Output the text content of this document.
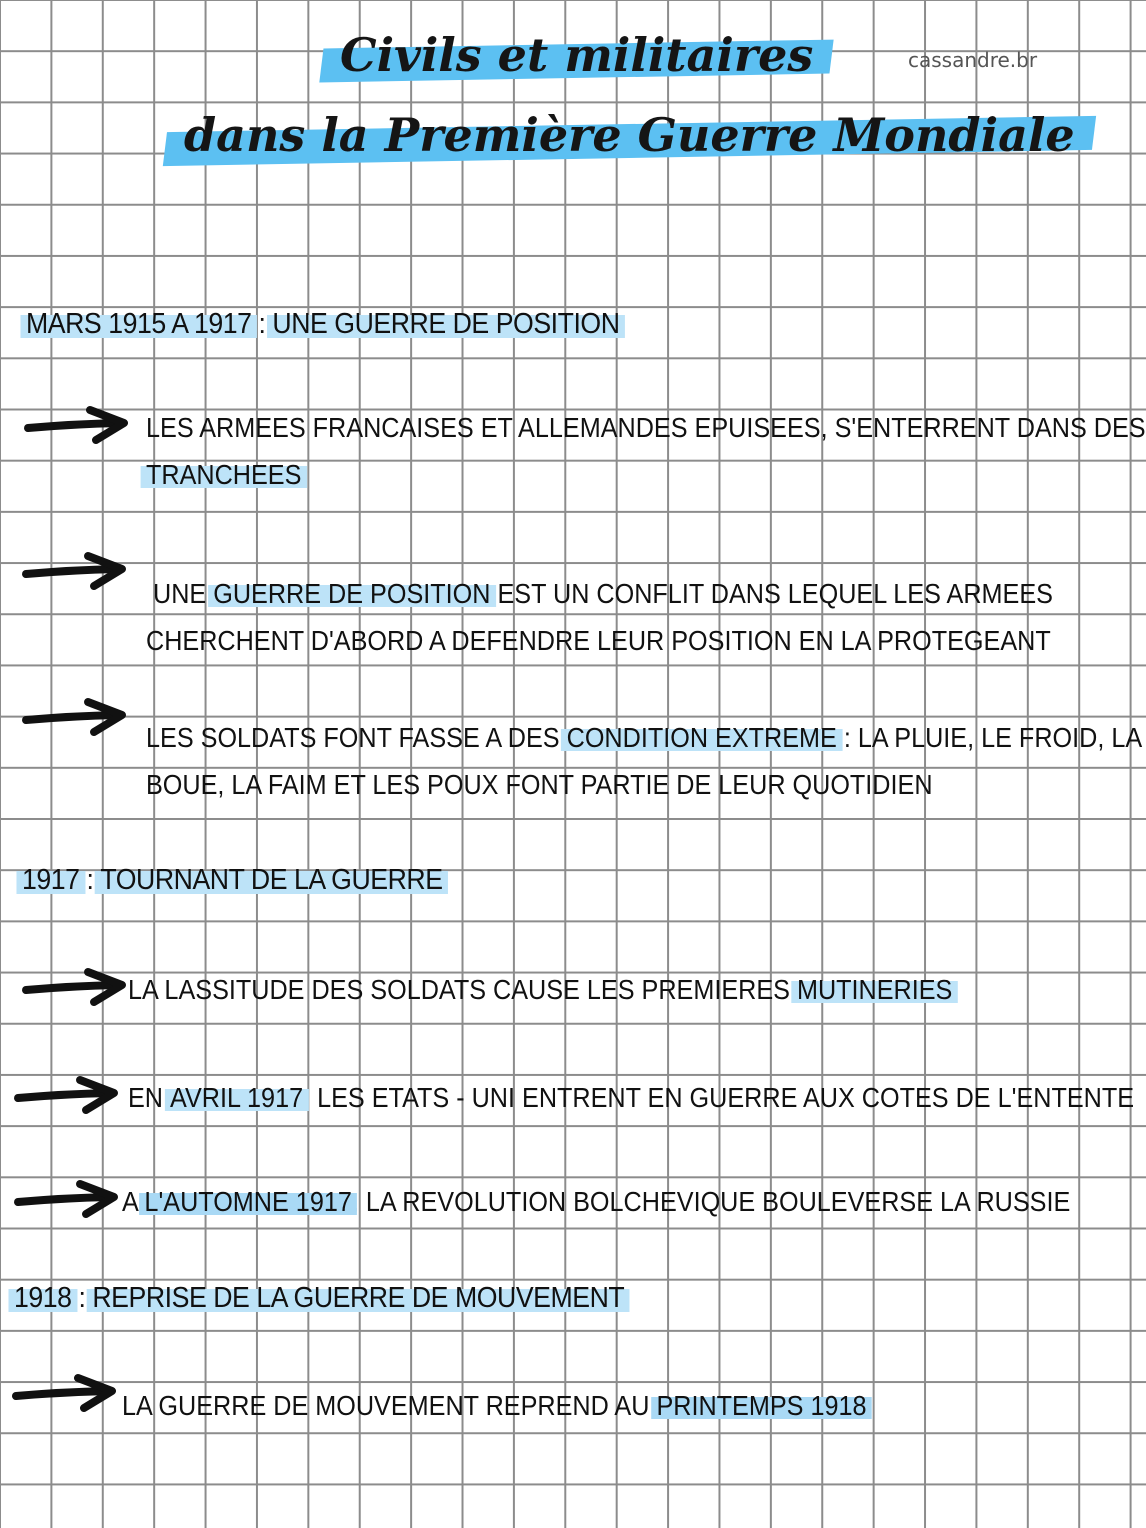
Civils et militaires
dans la Première Guerre Mondiale
cassandre.br
MARS 1915 A 1917 : UNE GUERRE DE POSITION
LES ARMEES FRANCAISES ET ALLEMANDES EPUISEES, S'ENTERRENT DANS DES
TRANCHEES
UNE GUERRE DE POSITION EST UN CONFLIT DANS LEQUEL LES ARMEES
CHERCHENT D'ABORD A DEFENDRE LEUR POSITION EN LA PROTEGEANT
LES SOLDATS FONT FASSE A DES CONDITION EXTREME : LA PLUIE, LE FROID, LA
BOUE, LA FAIM ET LES POUX FONT PARTIE DE LEUR QUOTIDIEN
1917 : TOURNANT DE LA GUERRE
LA LASSITUDE DES SOLDATS CAUSE LES PREMIERES MUTINERIES
EN AVRIL 1917, LES ETATS - UNI ENTRENT EN GUERRE AUX COTES DE L'ENTENTE
A L'AUTOMNE 1917, LA REVOLUTION BOLCHEVIQUE BOULEVERSE LA RUSSIE
1918 : REPRISE DE LA GUERRE DE MOUVEMENT
LA GUERRE DE MOUVEMENT REPREND AU PRINTEMPS 1918
